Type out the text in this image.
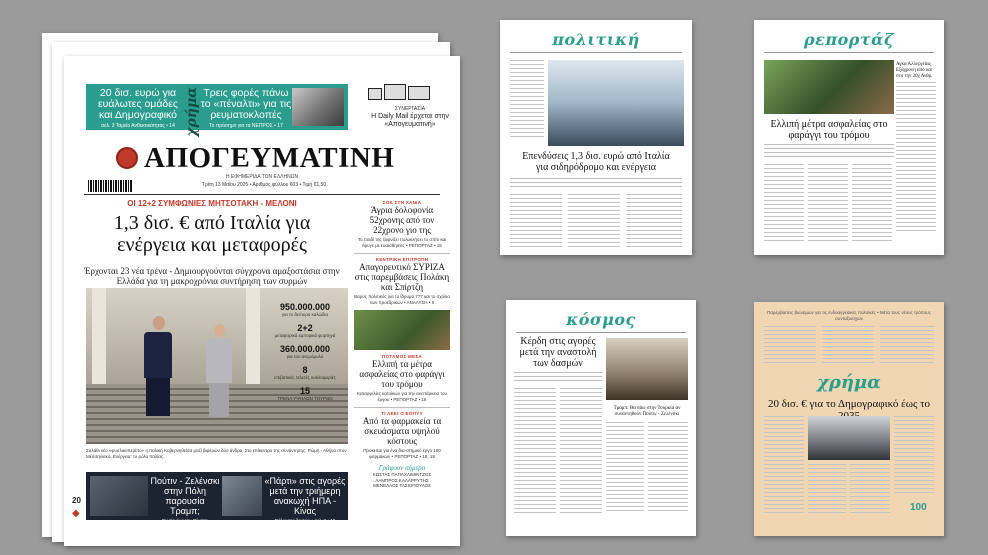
20 δισ. ευρώ για ευάλωτες ομάδες και Δημογραφικό
σελ. 3 Ταμείο Ανθεκτικότητας • 14 χρήμα Τρεις φορές πάνω το «πέναλτι» για τις ρευματοκλοπές
Το πρόσημο για τα ΝΕΠΡΟΣ • 17
ΣΥΝΕΡΓΑΣΙΑ
Η Daily Mail έρχεται στην «Απογευματινή»
ΑΠΟΓΕΥΜΑΤΙΝΗ
Η ΕΦΗΜΕΡΙΔΑ ΤΩΝ ΕΛΛΗΝΩΝ
Τρίτη 13 Μαΐου 2025 • Αριθμός φύλλου 603 • Τιμή €1,50
ΟΙ 12+2 ΣΥΜΦΩΝΙΕΣ ΜΗΤΣΟΤΑΚΗ - ΜΕΛΟΝΙ
1,3 δισ. € από Ιταλία για ενέργεια και μεταφορές
Έρχονται 23 νέα τρένα - Δημιουργούνται σύγχρονα αμαξοστάσια στην Ελλάδα για τη μακροχρόνια συντήρηση των συρμών
950.000.000
για το δεύτερο καλώδιο
2+2
μεταφορικά εμπορικά φορτηγά
360.000.000
για τον ανεμόμυλο
8
επιβατικές τελετές κυκλοφορίες
15
ΤΡΕΝΑ ΥΨΗΛΩΝ ΤΟΥΡΩΝ
Σαλάθι νέο «φυσλικοπερίπο» η Ιταλική Κυβερνηθείσα μαζί βιφερών δύο άνδρα, Στο επίκεντρο της συνάντησης: Ρώμη - Αθήνα στον Μεσσηνιακό, Ενέργεια: το ρόλο Ιταλίας...
Πούτιν - Ζελένσκι στην Πόλη παρουσία Τραμπ;
Ρωσία έως την Πέμπτη
«Πάρτι» στις αγορές μετά την τριήμερη ανακωχή ΗΠΑ - Κίνας
Πάλευσης δεχτών • σελ. 9 • 19
ΣΟΚ ΣΤΗ ΧΑΝΙΑ
Άγρια δολοφονία 52χρονης από τον 22χρονο γιο της
Το παιδί της ξαφνίζει πολυκλήσει το σπίτι και έφυγε με ευαισθησίες • ΡΕΠΟΡΤΑΖ • 18
ΚΕΝΤΡΙΚΗ ΕΠΙΤΡΟΠΗ
Απαγορευτικό ΣΥΡΙΖΑ στις παρεμβάσεις Πολάκη και Σπίρτζη
Βαρύς πολιτικός για το ίδρυμα 777 και το σχόλιο των προεδρικών • ΑΝΑΛΥΣΗ • 6
ΠΟΤΑΜΟΣ ΜΕΣΑ
Ελλιπή τα μέτρα ασφαλείας στο φαράγγι του τρόμου
Καταγγελίες κατοίκων για την ανεπάρκεια του έργου • ΡΕΠΟΡΤΑΖ • 16
ΤΙ ΛΕΕΙ Ο ΕΟΠΥΥ
Από τα φαρμακεία τα σκευάσματα υψηλού κόστους
Προκειται για ένα δια-στημικό έργο 100 φαρμάκων • ΡΕΠΟΡΤΑΖ • 18, 19
Γράφουν σήμερα
ΚΩΣΤΑΣ ΠΑΠΑΧΛΙΜΙΝΤΖΟΣ
ΛΑΜΠΡΟΣ ΚΑΛΑΡΡΥΤΗΣ
ΜΕΝΕΛΑΟΣ ΤΑΣΙΟΠΟΥΛΟΣ
20
◆
πολιτική
Επενδύσεις 1,3 δισ. ευρώ από Ιταλία για σιδηρόδρομο και ενέργεια
ρεπορτάζ
Αγκα Αλλεργείας Εξάχρονη από και στο την 20χ Ανθρ.
Ελλιπή μέτρα ασφαλείας στο φαράγγι του τρόμου
κόσμος
Κέρδη στις αγορές μετά την αναστολή των δασμών
Τραμπ: Θα πάω στην Τουρκία αν συναντηθούν Πούτιν - Ζελένσκι
Παρέμβασεις βιώσιμων για τις ενδοαγγειακές πολιτικές • Μέτα τους νέους τρόπους συνταξιούχων
χρήμα
20 δισ. € για το Δημογραφικό έως το
100
